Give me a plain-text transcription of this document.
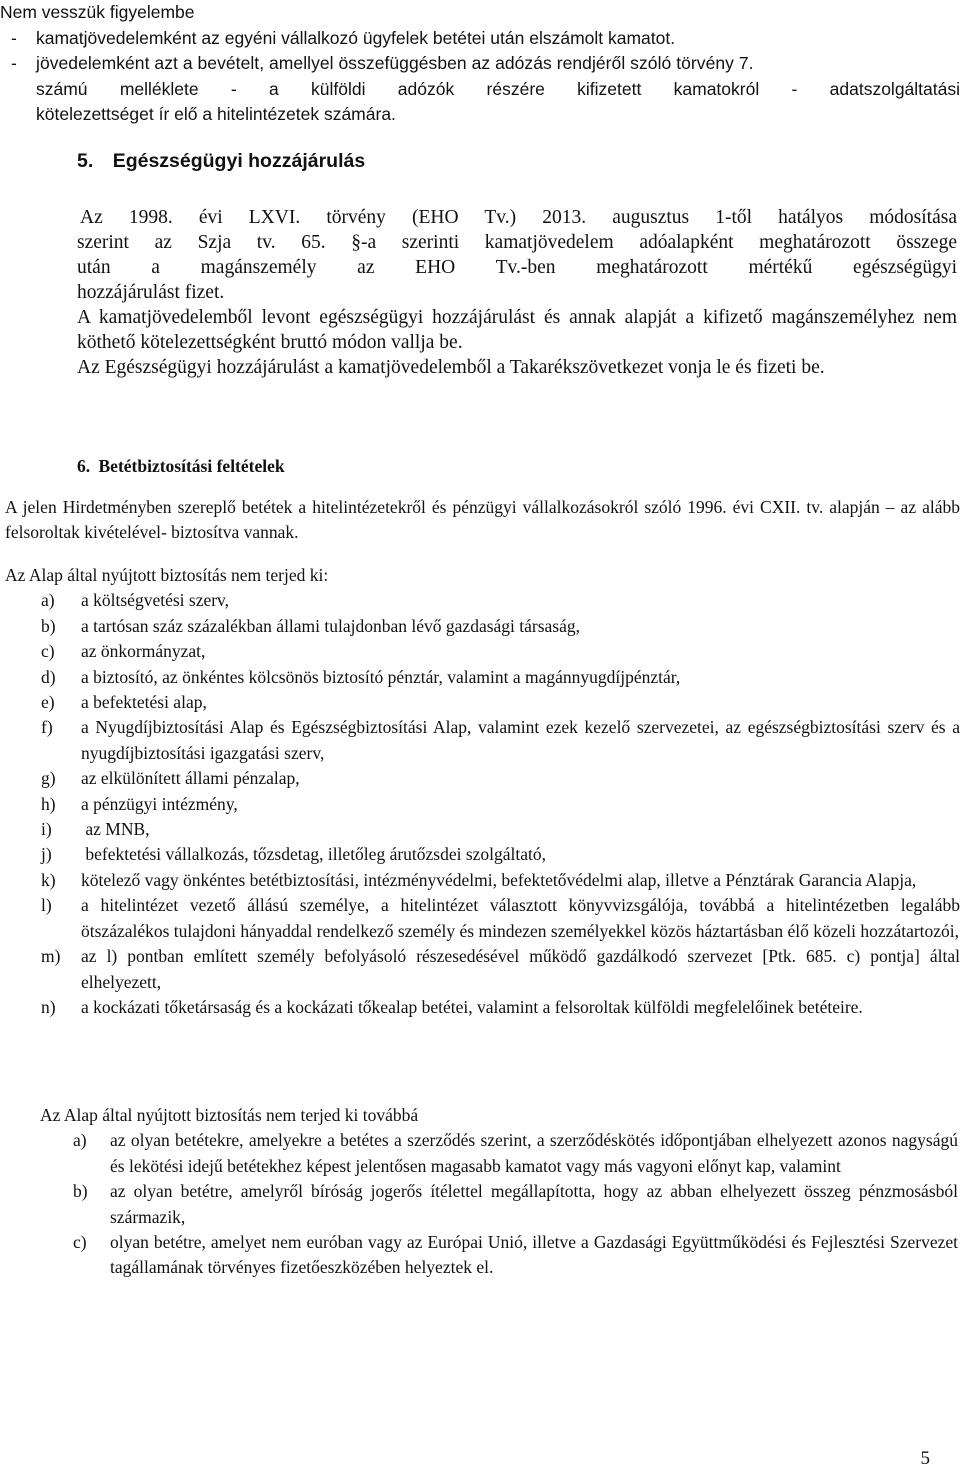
Nem vesszük figyelembe
-	kamatjövedelemként az egyéni vállalkozó ügyfelek betétei után elszámolt kamatot.
-	jövedelemként azt a bevételt, amellyel összefüggésben az adózás rendjéről szóló törvény 7.
számú melléklete - a külföldi adózók részére kifizetett kamatokról - adatszolgáltatási
kötelezettséget ír elő a hitelintézetek számára.
5. Egészségügyi hozzájárulás

Az 1998. évi LXVI. törvény (EHO Tv.) 2013. augusztus 1-től hatályos módosítása

szerint az Szja tv. 65. §-a szerinti kamatjövedelem adóalapként meghatározott összege

után a magánszemély az EHO Tv.-ben meghatározott mértékű egészségügyi

hozzájárulást fizet.

A kamatjövedelemből levont egészségügyi hozzájárulást és annak alapját a kifizető magánszemélyhez nem köthető kötelezettségként bruttó módon vallja be.

Az Egészségügyi hozzájárulást a kamatjövedelemből a Takarékszövetkezet vonja le és fizeti be.

6. Betétbiztosítási feltételek

A jelen Hirdetményben szereplő betétek a hitelintézetekről és pénzügyi vállalkozásokról szóló 1996. évi CXII. tv. alapján – az alább felsoroltak kivételével- biztosítva vannak.

Az Alap által nyújtott biztosítás nem terjed ki:
a)	a költségvetési szerv,
b)	a tartósan száz százalékban állami tulajdonban lévő gazdasági társaság,
c)	az önkormányzat,
d)	a biztosító, az önkéntes kölcsönös biztosító pénztár, valamint a magánnyugdíjpénztár,
e)	a befektetési alap,
f)	a Nyugdíjbiztosítási Alap és Egészségbiztosítási Alap, valamint ezek kezelő szervezetei, az egészségbiztosítási szerv és a nyugdíjbiztosítási igazgatási szerv,
g)	az elkülönített állami pénzalap,
h)	a pénzügyi intézmény,
i)	az MNB,
j)	befektetési vállalkozás, tőzsdetag, illetőleg árutőzsdei szolgáltató,
k)	kötelező vagy önkéntes betétbiztosítási, intézményvédelmi, befektetővédelmi alap, illetve a Pénztárak Garancia Alapja,
l)	a hitelintézet vezető állású személye, a hitelintézet választott könyvvizsgálója, továbbá a hitelintézetben legalább ötszázalékos tulajdoni hányaddal rendelkező személy és mindezen személyekkel közös háztartásban élő közeli hozzátartozói,
m)	az l) pontban említett személy befolyásoló részesedésével működő gazdálkodó szervezet [Ptk. 685. c) pontja] által elhelyezett,
n)	a kockázati tőketársaság és a kockázati tőkealap betétei, valamint a felsoroltak külföldi megfelelőinek betéteire.

Az Alap által nyújtott biztosítás nem terjed ki továbbá

a)	az olyan betétekre, amelyekre a betétes a szerződés szerint, a szerződéskötés időpontjában elhelyezett azonos nagyságú és lekötési idejű betétekhez képest jelentősen magasabb kamatot vagy más vagyoni előnyt kap, valamint
b)	az olyan betétre, amelyről bíróság jogerős ítélettel megállapította, hogy az abban elhelyezett összeg pénzmosásból származik,
c)	olyan betétre, amelyet nem euróban vagy az Európai Unió, illetve a Gazdasági Együttműködési és Fejlesztési Szervezet tagállamának törvényes fizetőeszközében helyeztek el.
5
